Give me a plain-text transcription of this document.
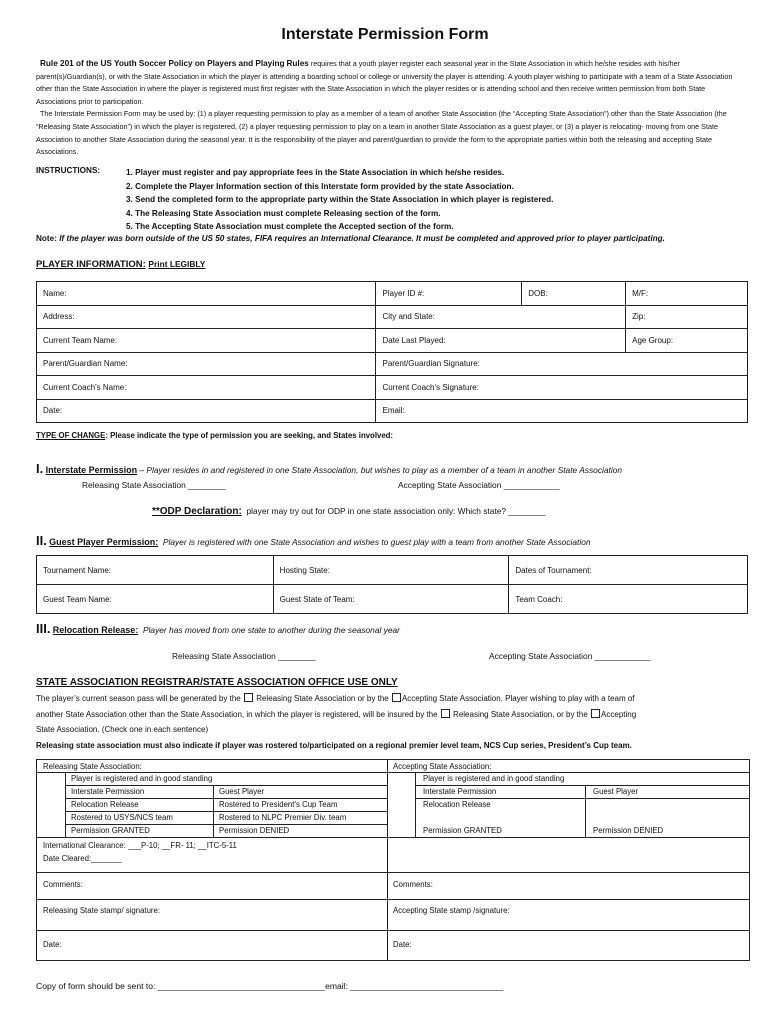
Interstate Permission Form
Rule 201 of the US Youth Soccer Policy on Players and Playing Rules requires that a youth player register each seasonal year in the State Association in which he/she resides with his/her parent(s)/Guardian(s), or with the State Association in which the player is attending a boarding school or college or university the player is attending. A youth player wishing to participate with a team of a State Association other than the State Association in where the player is registered must first register with the State Association in which the player resides or is attending school and then receive written permission from both State Associations prior to participation.
The Interstate Permission Form may be used by: (1) a player requesting permission to play as a member of a team of another State Association (the “Accepting State Association”) other than the State Association (the “Releasing State Association”) in which the player is registered, (2) a player requesting permission to play on a team in another State Association as a guest player, or (3) a player is relocating- moving from one State Association to another State Association during the seasonal year. It is the responsibility of the player and parent/guardian to provide the form to the appropriate parties within both the releasing and accepting State Associations.
INSTRUCTIONS:	1. Player must register and pay appropriate fees in the State Association in which he/she resides.
2. Complete the Player Information section of this Interstate form provided by the state Association.
3. Send the completed form to the appropriate party within the State Association in which player is registered.
4. The Releasing State Association must complete Releasing section of the form.
5. The Accepting State Association must complete the Accepted section of the form.
Note: If the player was born outside of the US 50 states, FIFA requires an International Clearance. It must be completed and approved prior to player participating.
PLAYER INFORMATION: Print LEGIBLY
Name:	Player ID #:	DOB:	M/F:
Address:	City and State:		Zip:
Current Team Name:	Date Last Played:		Age Group:
Parent/Guardian Name:	Parent/Guardian Signature:		
Current Coach’s Name:	Current Coach’s Signature:		
Date:	Email:		
TYPE OF CHANGE: Please indicate the type of permission you are seeking, and States involved:
I. Interstate Permission – Player resides in and registered in one State Association, but wishes to play as a member of a team in another State Association
Releasing State Association ________	Accepting State Association ____________
**ODP Declaration: player may try out for ODP in one state association only: Which state? ________
II. Guest Player Permission: Player is registered with one State Association and wishes to guest play with a team from another State Association
Tournament Name:	Hosting State:	Dates of Tournament:
Guest Team Name:	Guest State of Team:	Team Coach:
III. Relocation Release: Player has moved from one state to another during the seasonal year
Releasing State Association ________	Accepting State Association ____________
STATE ASSOCIATION REGISTRAR/STATE ASSOCIATION OFFICE USE ONLY
The player’s current season pass will be generated by the Releasing State Association or by the Accepting State Association. Player wishing to play with a team of
another State Association other than the State Association, in which the player is registered, will be insured by the Releasing State Association, or by the Accepting
State Association. (Check one in each sentence)
Releasing state association must also indicate if player was rostered to/participated on a regional premier level team, NCS Cup series, President’s Cup team.
Releasing State Association:
Player is registered and in good standing
Interstate Permission	Guest Player
Relocation Release	Rostered to President’s Cup Team
Rostered to USYS/NCS team	Rostered to NLPC Premier Div. team
Permission GRANTED	Permission DENIED
International Clearance: ___P-10; __FR- 11; __ITC-5-11
Date Cleared:_______
Accepting State Association:
Player is registered and in good standing
Interstate Permission	Guest Player
Relocation Release
Permission GRANTED	Permission DENIED
Comments:	Comments:
Releasing State stamp/ signature:	Accepting State stamp /signature:
Date:	Date:
Copy of form should be sent to: ___________________________________email: ________________________________
